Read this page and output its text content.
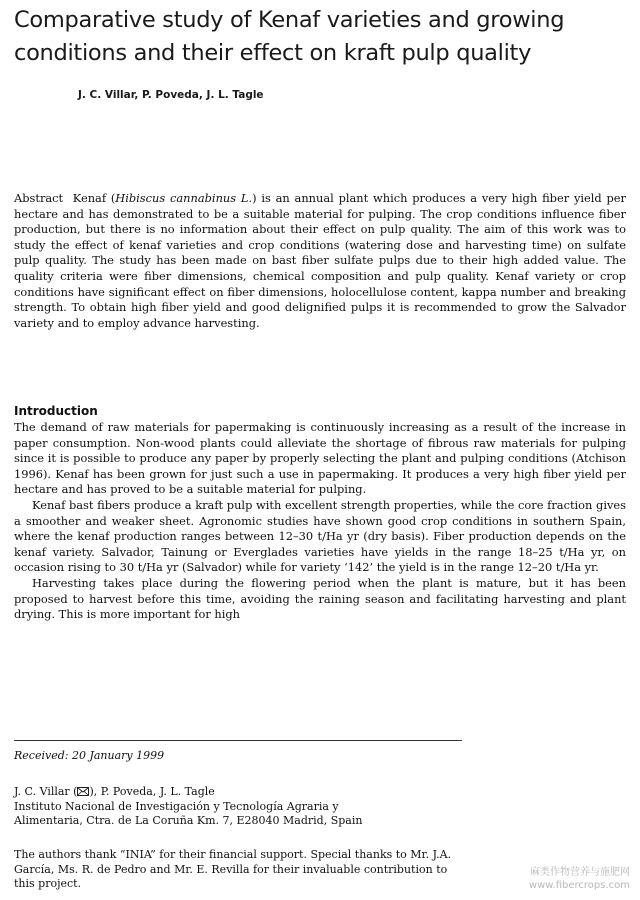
Comparative study of Kenaf varieties and growing
conditions and their effect on kraft pulp quality
J. C. Villar, P. Poveda, J. L. Tagle

Abstract Kenaf (Hibiscus cannabinus L.) is an annual plant which produces a very high fiber yield per hectare and has demonstrated to be a suitable material for pulping. The crop conditions influence fiber production, but there is no information about their effect on pulp quality. The aim of this work was to study the effect of kenaf varieties and crop conditions (watering dose and harvesting time) on sulfate pulp quality. The study has been made on bast fiber sulfate pulps due to their high added value. The quality criteria were fiber dimensions, chemical composition and pulp quality. Kenaf variety or crop conditions have significant effect on fiber dimensions, holocellulose content, kappa number and breaking strength. To obtain high fiber yield and good delignified pulps it is recommended to grow the Salvador variety and to employ advance harvesting.

Introduction

The demand of raw materials for papermaking is continuously increasing as a result of the increase in paper consumption. Non-wood plants could alleviate the shortage of fibrous raw materials for pulping since it is possible to produce any paper by properly selecting the plant and pulping conditions (Atchison 1996). Kenaf has been grown for just such a use in papermaking. It produces a very high fiber yield per hectare and has proved to be a suitable material for pulping.

Kenaf bast fibers produce a kraft pulp with excellent strength properties, while the core fraction gives a smoother and weaker sheet. Agronomic studies have shown good crop conditions in southern Spain, where the kenaf production ranges between 12–30 t/Ha yr (dry basis). Fiber production depends on the kenaf variety. Salvador, Tainung or Everglades varieties have yields in the range 18–25 t/Ha yr, on occasion rising to 30 t/Ha yr (Salvador) while for variety ‘142’ the yield is in the range 12–20 t/Ha yr.

Harvesting takes place during the flowering period when the plant is mature, but it has been proposed to harvest before this time, avoiding the raining season and facilitating harvesting and plant drying. This is more important for high

Received: 20 January 1999
J. C. Villar ( ), P. Poveda, J. L. Tagle
Instituto Nacional de Investigación y Tecnología Agraria y
Alimentaria, Ctra. de La Coruña Km. 7, E28040 Madrid, Spain
The authors thank “INIA” for their financial support. Special thanks to Mr. J.A. García, Ms. R. de Pedro and Mr. E. Revilla for their invaluable contribution to this project.
麻类作物营养与施肥网
www.fibercrops.com
